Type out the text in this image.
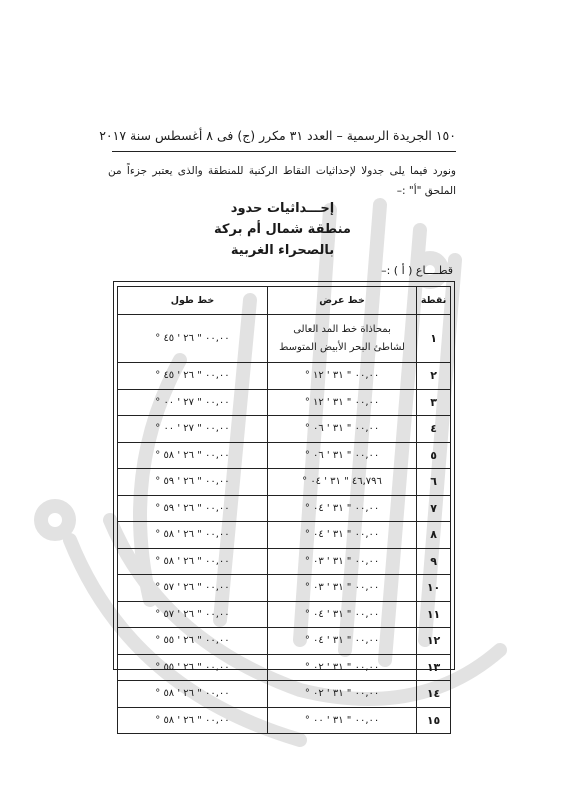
١٥٠ الجريدة الرسمية – العدد ٣١ مكرر (ج) فى ٨ أغسطس سنة ٢٠١٧
ونورد فيما يلى جدولا لإحداثيات النقاط الركنية للمنطقة والذى يعتبر جزءاً من الملحق "أ" :–
إحـــداثيات حدود
منطقة شمال أم بركة
بالصحراء الغربية
قطــــاع ( أ ) :–
نقطة	خط عرض	خط طول
١	بمحاذاة خط المد العالى
لشاطئ البحر الأبيض المتوسط	٠٠,٠٠ " ٢٦ ' ٤٥ °
٢	٠٠,٠٠ " ٣١ ' ١٢ °	٠٠,٠٠ " ٢٦ ' ٤٥ °
٣	٠٠,٠٠ " ٣١ ' ١٢ °	٠٠,٠٠ " ٢٧ ' ٠٠ °
٤	٠٠,٠٠ " ٣١ ' ٠٦ °	٠٠,٠٠ " ٢٧ ' ٠٠ °
٥	٠٠,٠٠ " ٣١ ' ٠٦ °	٠٠,٠٠ " ٢٦ ' ٥٨ °
٦	٤٦,٧٩٦ " ٣١ ' ٠٤ °	٠٠,٠٠ " ٢٦ ' ٥٩ °
٧	٠٠,٠٠ " ٣١ ' ٠٤ °	٠٠,٠٠ " ٢٦ ' ٥٩ °
٨	٠٠,٠٠ " ٣١ ' ٠٤ °	٠٠,٠٠ " ٢٦ ' ٥٨ °
٩	٠٠,٠٠ " ٣١ ' ٠٣ °	٠٠,٠٠ " ٢٦ ' ٥٨ °
١٠	٠٠,٠٠ " ٣١ ' ٠٣ °	٠٠,٠٠ " ٢٦ ' ٥٧ °
١١	٠٠,٠٠ " ٣١ ' ٠٤ °	٠٠,٠٠ " ٢٦ ' ٥٧ °
١٢	٠٠,٠٠ " ٣١ ' ٠٤ °	٠٠,٠٠ " ٢٦ ' ٥٥ °
١٣	٠٠,٠٠ " ٣١ ' ٠٢ °	٠٠,٠٠ " ٢٦ ' ٥٥ °
١٤	٠٠,٠٠ " ٣١ ' ٠٢ °	٠٠,٠٠ " ٢٦ ' ٥٨ °
١٥	٠٠,٠٠ " ٣١ ' ٠٠ °	٠٠,٠٠ " ٢٦ ' ٥٨ °
